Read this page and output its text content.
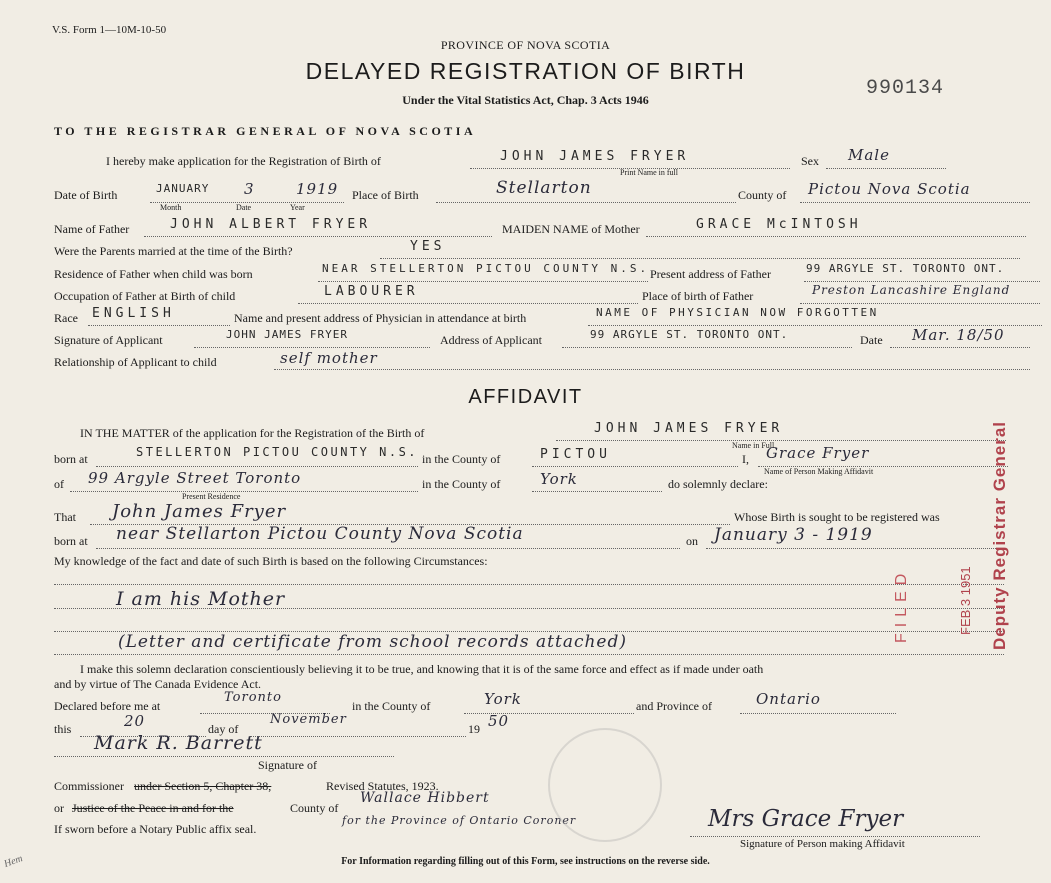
V.S. Form 1—10M-10-50
PROVINCE OF NOVA SCOTIA
DELAYED REGISTRATION OF BIRTH
Under the Vital Statistics Act, Chap. 3 Acts 1946	990134
TO THE REGISTRAR GENERAL OF NOVA SCOTIA
I hereby make application for the Registration of Birth of	JOHN JAMES FRYER
Print Name in full
Sex Male
Date of Birth	JANUARY 3	1919
Month	Date	Year
Place of Birth	Stellarton	County of Pictou Nova Scotia
Name of Father	JOHN ALBERT FRYER	MAIDEN NAME of Mother	GRACE McINTOSH
Were the Parents married at the time of the Birth?	YES
Residence of Father when child was born	NEAR STELLERTON PICTOU COUNTY N.S. Present address of Father	99 ARGYLE ST. TORONTO ONT.
Occupation of Father at Birth of child	LABOURER	Place of birth of Father	Preston Lancashire England
Race ENGLISH	Name and present address of Physician in attendance at birth	NAME OF PHYSICIAN NOW FORGOTTEN
Signature of Applicant	JOHN JAMES FRYER	Address of Applicant	99 ARGYLE ST. TORONTO ONT.	Date Mar. 18/50
Relationship of Applicant to child	self mother
AFFIDAVIT
IN THE MATTER of the application for the Registration of the Birth of	JOHN JAMES FRYER
Name in Full
born at	STELLERTON PICTOU COUNTY N.S. in the County of	PICTOU	I, Grace Fryer
Name of Person Making Affidavit
of 99 Argyle Street Toronto
Present Residence
in the County of	York	do solemnly declare:
That John James Fryer	Whose Birth is sought to be registered was
born at near Stellarton Pictou County Nova Scotia	on January 3 - 1919
My knowledge of the fact and date of such Birth is based on the following Circumstances:
I am his Mother
(Letter and certificate from school records attached)
I make this solemn declaration conscientiously believing it to be true, and knowing that it is of the same force and effect as if made under oath
and by virtue of The Canada Evidence Act.
Declared before me at
Toronto
in the County of	York	and Province of	Ontario
this	20	day of
November
19 50
Mark R. Barrett
Signature of
Commissioner under Section 5, Chapter 38,	Revised Statutes, 1923.
or Justice of the Peace in and for the	County of
Wallace Hibbert
If sworn before a Notary Public affix seal.
for the Province of Ontario Coroner	Mrs Grace Fryer
Signature of Person making Affidavit
Deputy Registrar General
FILED	FEB 3 1951
For Information regarding filling out of this Form, see instructions on the reverse side.
Hem
